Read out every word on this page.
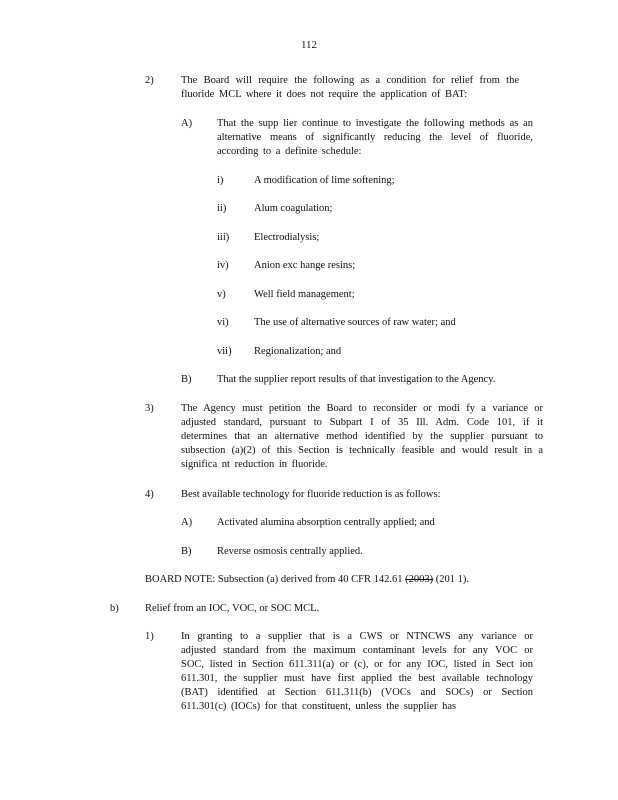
112
2)	The Board will require the following as a condition for relief from the fluoride MCL where it does not require the application of BAT:
A) That the supp lier continue to investigate the following methods as an alternative means of significantly reducing the level of fluoride, according to a definite schedule:
i)	A modification of lime softening;
ii)	Alum coagulation;
iii) Electrodialysis;
iv) Anion exc hange resins;
v)	Well field management;
vi) The use of alternative sources of raw water; and
vii) Regionalization; and
B) That the supplier report results of that investigation to the Agency.
3)	The Agency must petition the Board to reconsider or modi fy a variance or adjusted standard, pursuant to Subpart I of 35 Ill. Adm. Code 101, if it determines that an alternative method identified by the supplier pursuant to subsection (a)(2) of this Section is technically feasible and would result in a significa nt reduction in fluoride.
4)	Best available technology for fluoride reduction is as follows:
A) Activated alumina absorption centrally applied; and
B) Reverse osmosis centrally applied.
BOARD NOTE: Subsection (a) derived from 40 CFR 142.61 (2003) (201 1).
b)	Relief from an IOC, VOC, or SOC MCL.
1)	In granting to a supplier that is a CWS or NTNCWS any variance or adjusted standard from the maximum contaminant levels for any VOC or SOC, listed in Section 611.311(a) or (c), or for any IOC, listed in Sect ion 611.301, the supplier must have first applied the best available technology (BAT) identified at Section 611.311(b) (VOCs and SOCs) or Section 611.301(c) (IOCs) for that constituent, unless the supplier has
